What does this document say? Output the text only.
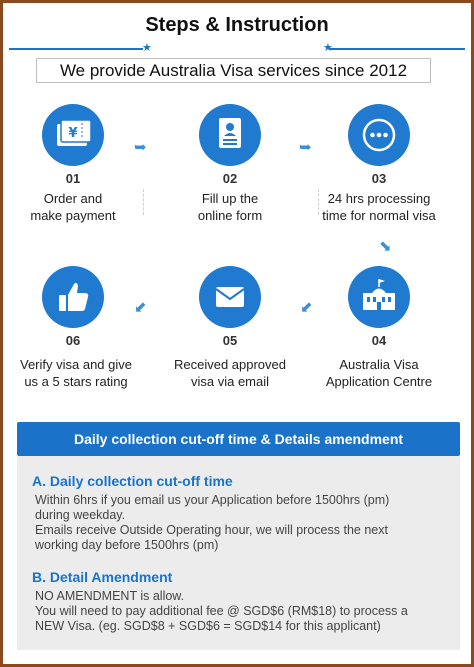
Steps & Instruction
★	★
We provide Australia Visa services since 2012
¥
01
Order and
make payment
➥
02
Fill up the
online form
➥
03
24 hrs processing
time for normal visa
⬊
06
Verify visa and give
us a 5 stars rating
⬋
05
Received approved
visa via email
⬋
04
Australia Visa
Application Centre
Daily collection cut-off time & Details amendment
A. Daily collection cut-off time
Within 6hrs if you email us your Application before 1500hrs (pm)
during weekday.
Emails receive Outside Operating hour, we will process the next
working day before 1500hrs (pm)
B. Detail Amendment
NO AMENDMENT is allow.
You will need to pay additional fee @ SGD$6 (RM$18) to process a
NEW Visa. (eg. SGD$8 + SGD$6 = SGD$14 for this applicant)
